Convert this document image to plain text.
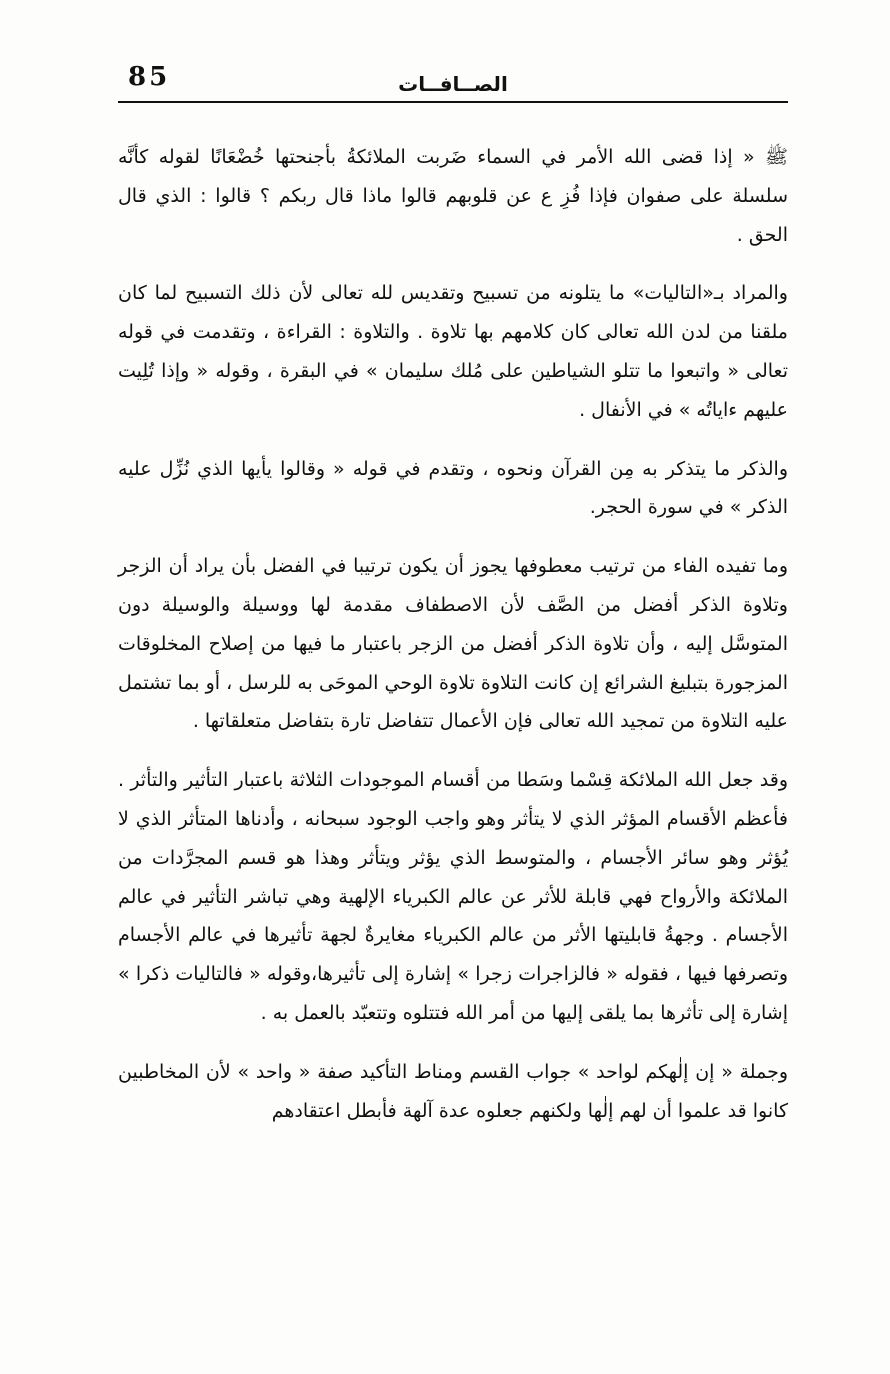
85	الصــافــات

ﷺ « إذا قضى الله الأمر في السماء ضَربت الملائكةُ بأجنحتها خُضْعَانًا لقوله كأنَّه سلسلة على صفوان فإذا فُزِ ع عن قلوبهم قالوا ماذا قال ربكم ؟ قالوا : الذي قال الحق .

والمراد بـ«التاليات» ما يتلونه من تسبيح وتقديس لله تعالى لأن ذلك التسبيح لما كان ملقنا من لدن الله تعالى كان كلامهم بها تلاوة . والتلاوة : القراءة ، وتقدمت في قوله تعالى « واتبعوا ما تتلو الشياطين على مُلك سليمان » في البقرة ، وقوله « وإذا تُلِيت عليهم ءاياتُه » في الأنفال .

والذكر ما يتذكر به مِن القرآن ونحوه ، وتقدم في قوله « وقالوا يأيها الذي نُزِّل عليه الذكر » في سورة الحجر.

وما تفيده الفاء من ترتيب معطوفها يجوز أن يكون ترتيبا في الفضل بأن يراد أن الزجر وتلاوة الذكر أفضل من الصَّف لأن الاصطفاف مقدمة لها ووسيلة والوسيلة دون المتوسَّل إليه ، وأن تلاوة الذكر أفضل من الزجر باعتبار ما فيها من إصلاح المخلوقات المزجورة بتبليغ الشرائع إن كانت التلاوة تلاوة الوحي الموحَى به للرسل ، أو بما تشتمل عليه التلاوة من تمجيد الله تعالى فإن الأعمال تتفاضل تارة بتفاضل متعلقاتها .

وقد جعل الله الملائكة قِسْما وسَطا من أقسام الموجودات الثلاثة باعتبار التأثير والتأثر . فأعظم الأقسام المؤثر الذي لا يتأثر وهو واجب الوجود سبحانه ، وأدناها المتأثر الذي لا يُؤثر وهو سائر الأجسام ، والمتوسط الذي يؤثر ويتأثر وهذا هو قسم المجرَّدات من الملائكة والأرواح فهي قابلة للأثر عن عالم الكبرياء الإلهية وهي تباشر التأثير في عالم الأجسام . وجهةُ قابليتها الأثر من عالم الكبرياء مغايرةٌ لجهة تأثيرها في عالم الأجسام وتصرفها فيها ، فقوله « فالزاجرات زجرا » إشارة إلى تأثيرها،وقوله « فالتاليات ذكرا » إشارة إلى تأثرها بما يلقى إليها من أمر الله فتتلوه وتتعبّد بالعمل به .

وجملة « إن إلٰهكم لواحد » جواب القسم ومناط التأكيد صفة « واحد » لأن المخاطبين كانوا قد علموا أن لهم إلٰها ولكنهم جعلوه عدة آلهة فأبطل اعتقادهم
